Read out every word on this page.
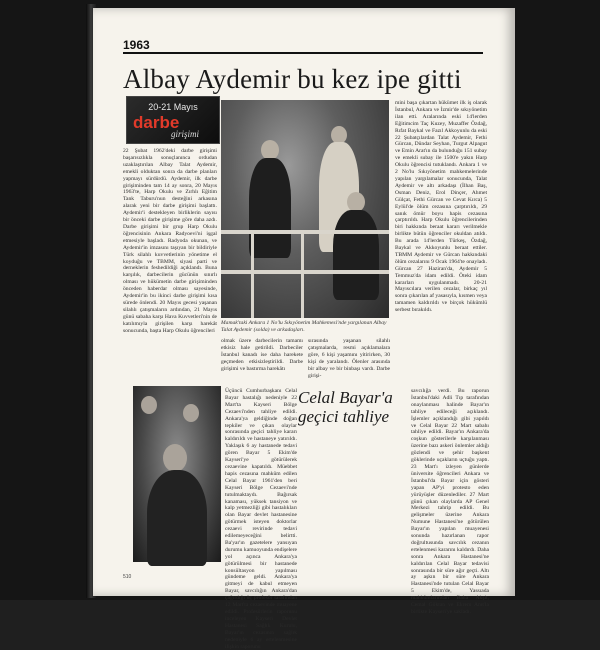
1963
Albay Aydemir bu kez ipe gitti
20-21 Mayıs
darbe
girişimi
22 Şubat 1962'deki darbe girişimi başarısızlıkla sonuçlanınca ordudan uzaklaştırılan Albay Talat Aydemir, emekli olduktan sonra da darbe planları yapmayı sürdürdü. Aydemir, ilk darbe girişiminden tam 14 ay sonra, 20 Mayıs 1963'te, Harp Okulu ve Zırhlı Eğitim Tank Taburu'nun desteğini arkasına alarak yeni bir darbe girişimi başlattı. Aydemir'i destekleyen birliklerin sayısı bir önceki darbe girişime göre daha azdı. Darbe girişimi bir grup Harp Okulu öğrencisinin Ankara Radyoevi'ni işgal etmesiyle başladı. Radyoda okunan, ve Aydemir'in imzasını taşıyan bir bildiriyle Türk silahlı kuvvetlerinin yönetime el koyduğu ve TBMM, siyasi parti ve derneklerin feshedildiği açıklandı. Buna karşılık, darbecilerin gücünün sınırlı olması ve hükümetin darbe girişiminden önceden haberdar olması sayesinde, Aydemir'in bu ikinci darbe girişimi kısa sürede önlendi. 20 Mayıs gecesi yaşanan silahlı çatışmaların ardından, 21 Mayıs günü sabaha karşı Hava Kuvvetleri'nin de katılımıyla girişilen karşı harekât sonucunda, başta Harp Okulu öğrencileri
Mamak'taki Ankara 1 No'lu Sıkıyönetim Mahkemesi'nde yargılanan Albay Talat Aydemir (solda) ve arkadaşları.
olmak üzere darbecilerin tamamı etkisiz hale getirildi. Darbeciler İstanbul kanadı ise daha harekete geçmeden etkisizleştirildi. Darbe girişimi ve bastırma harekâtı
sırasında yaşanan silahlı çatışmalarda, resmi açıklamalara göre, 6 kişi yaşamını yitirirken, 30 kişi de yaralandı. Ölenler arasında bir albay ve bir binbaşı vardı. Darbe girişi-
mini başa çıkartan hükümet ilk iş olarak İstanbul, Ankara ve İzmir'de sıkıyönetim ilan etti. Aralarında eski 14'lerden Eğitimcim Taç Kuzey, Muzaffer Özdağ, Rıfat Baykal ve Fazıl Akkoyunlu da eski 22 Şubatçılardan Talat Aydemir, Fethi Gürcan, Dündar Seyhan, Turgut Alpagut ve Emin Arat'ın da bulunduğu 151 subay ve emekli subay ile 1500'e yakın Harp Okulu öğrencisi tutuklandı. Ankara 1 ve 2 No'lu Sıkıyönetim mahkemelerinde yapılan yargılamalar sonucunda, Talat Aydemir ve altı arkadaşı (İlhan Baş, Osman Deniz, Erol Dinçer, Ahmet Gülçat, Fethi Gürcan ve Cevat Kırca) 5 Eylül'de ölüm cezasına çarptırıldı, 29 sanık ömür boyu hapis cezasına çarptırıldı. Harp Okulu öğrencilerinden biri hakkında beraat kararı verilmekle birlikte bütün öğrenciler okuldan atıldı. Bu arada 14'lerden Türkeş, Özdağ, Baykal ve Akkoyunlu beraat ettiler. TBMM Aydemir ve Gürcan hakkındaki ölüm cezalarını 9 Ocak 1964'te onayladı. Gürcan 27 Haziran'da, Aydemir 5 Temmuz'da idam edildi. Öteki idam kararları uygulanmadı. 20-21 Mayıscılara verilen cezalar, birkaç yıl sonra çıkarılan af yasasıyla, kısmen veya tamamen kaldırıldı ve birçok hükümlü serbest bırakıldı.
Üçüncü Cumhurbaşkanı Celal Bayar hastalığı nedeniyle 22 Mart'ta Kayseri Bölge Cezaevi'nden tahliye edildi. Ankara'ya geldiğinde doğan tepkiler ve çıkan olaylar sonrasında geçici tahliye kararı kaldırıldı ve hastaneye yatırıldı. Yaklaşık 6 ay hastanede tedavi gören Bayar 5 Ekim'de Kayseri'ye götürülerek cezaevine kapatıldı. Müebbet hapis cezasına mahkûm edilen Celal Bayar 1961'den beri Kayseri Bölge Cezaevi'nde tutulmaktaydı. Bağırsak kanaması, yüksek tansiyon ve kalp yetmezliği gibi hastalıkları olan Bayar devlet hastanesine götürmek isteyen doktorlar cezaevi revirinde tedavi edilemeyeceğini belirtti. Ba'yar'ın gazetelere yansıyan durumu kamuoyunda endişelere yol açınca Ankara'ya götürülmesi bir hastanede konsültasyon yapılması gündeme geldi. Ankara'ya gitmeyi de kabul etmeyen Bayar, savcılığın Ankara'dan çağırdığı üç profesör tarafından 12 Mart'ta cezaevinde muayene edildi. Profesörlerin raporunu inceleyen Kayseri Devlet Hastanesi Sağlık Kurulu, Bayar'ın cezasının sağlık nedeniyle 6 ay ertelenmesine ilişkin raporunu
Celal Bayar'a geçici tahliye
savcılığa verdi. Bu raporun İstanbul'daki Adli Tıp tarafından onaylanması halinde Bayar'ın tahliye edileceği açıklandı. İşlemler açıklandığı gibi yapıldı ve Celal Bayar 22 Mart sabahı tahliye edildi. Bayar'ın Ankara'da coşkun gösterilerle karşılanması üzerine bazı askeri önlemler aldığı gözlendi ve şehir başkent göklerinde uçakların uçtuğu yaptı. 23 Mart'ı izleyen günlerde üniversite öğrencileri Ankara ve İstanbul'da Bayar için gösteri yapan AP'yi protesto eden yürüyüşler düzenlediler. 27 Mart günü çıkan olaylarda AP Genel Merkezi tahrip edildi. Bu gelişmeler üzerine Ankara Numune Hastanesi'ne götürülen Bayar'ın yapılan muayenesi sonunda hazırlanan rapor doğrultusunda savcılık cezanın ertelenmesi kararını kaldırdı. Daha sonra Ankara Hastanesi'ne kaldırılan Celal Bayar tedavisi sonrasında bir süre ağır geçti. Altı ay aşkın bir süre Ankara Hastanesi'nde tutulan Celal Bayar 5 Ekim'de, Yassıada mahkûmlarından Baha Akşit, Cemal Göktan ve Ekrem Anıt'la birlikte Kayseri'ye sakladı.
510
